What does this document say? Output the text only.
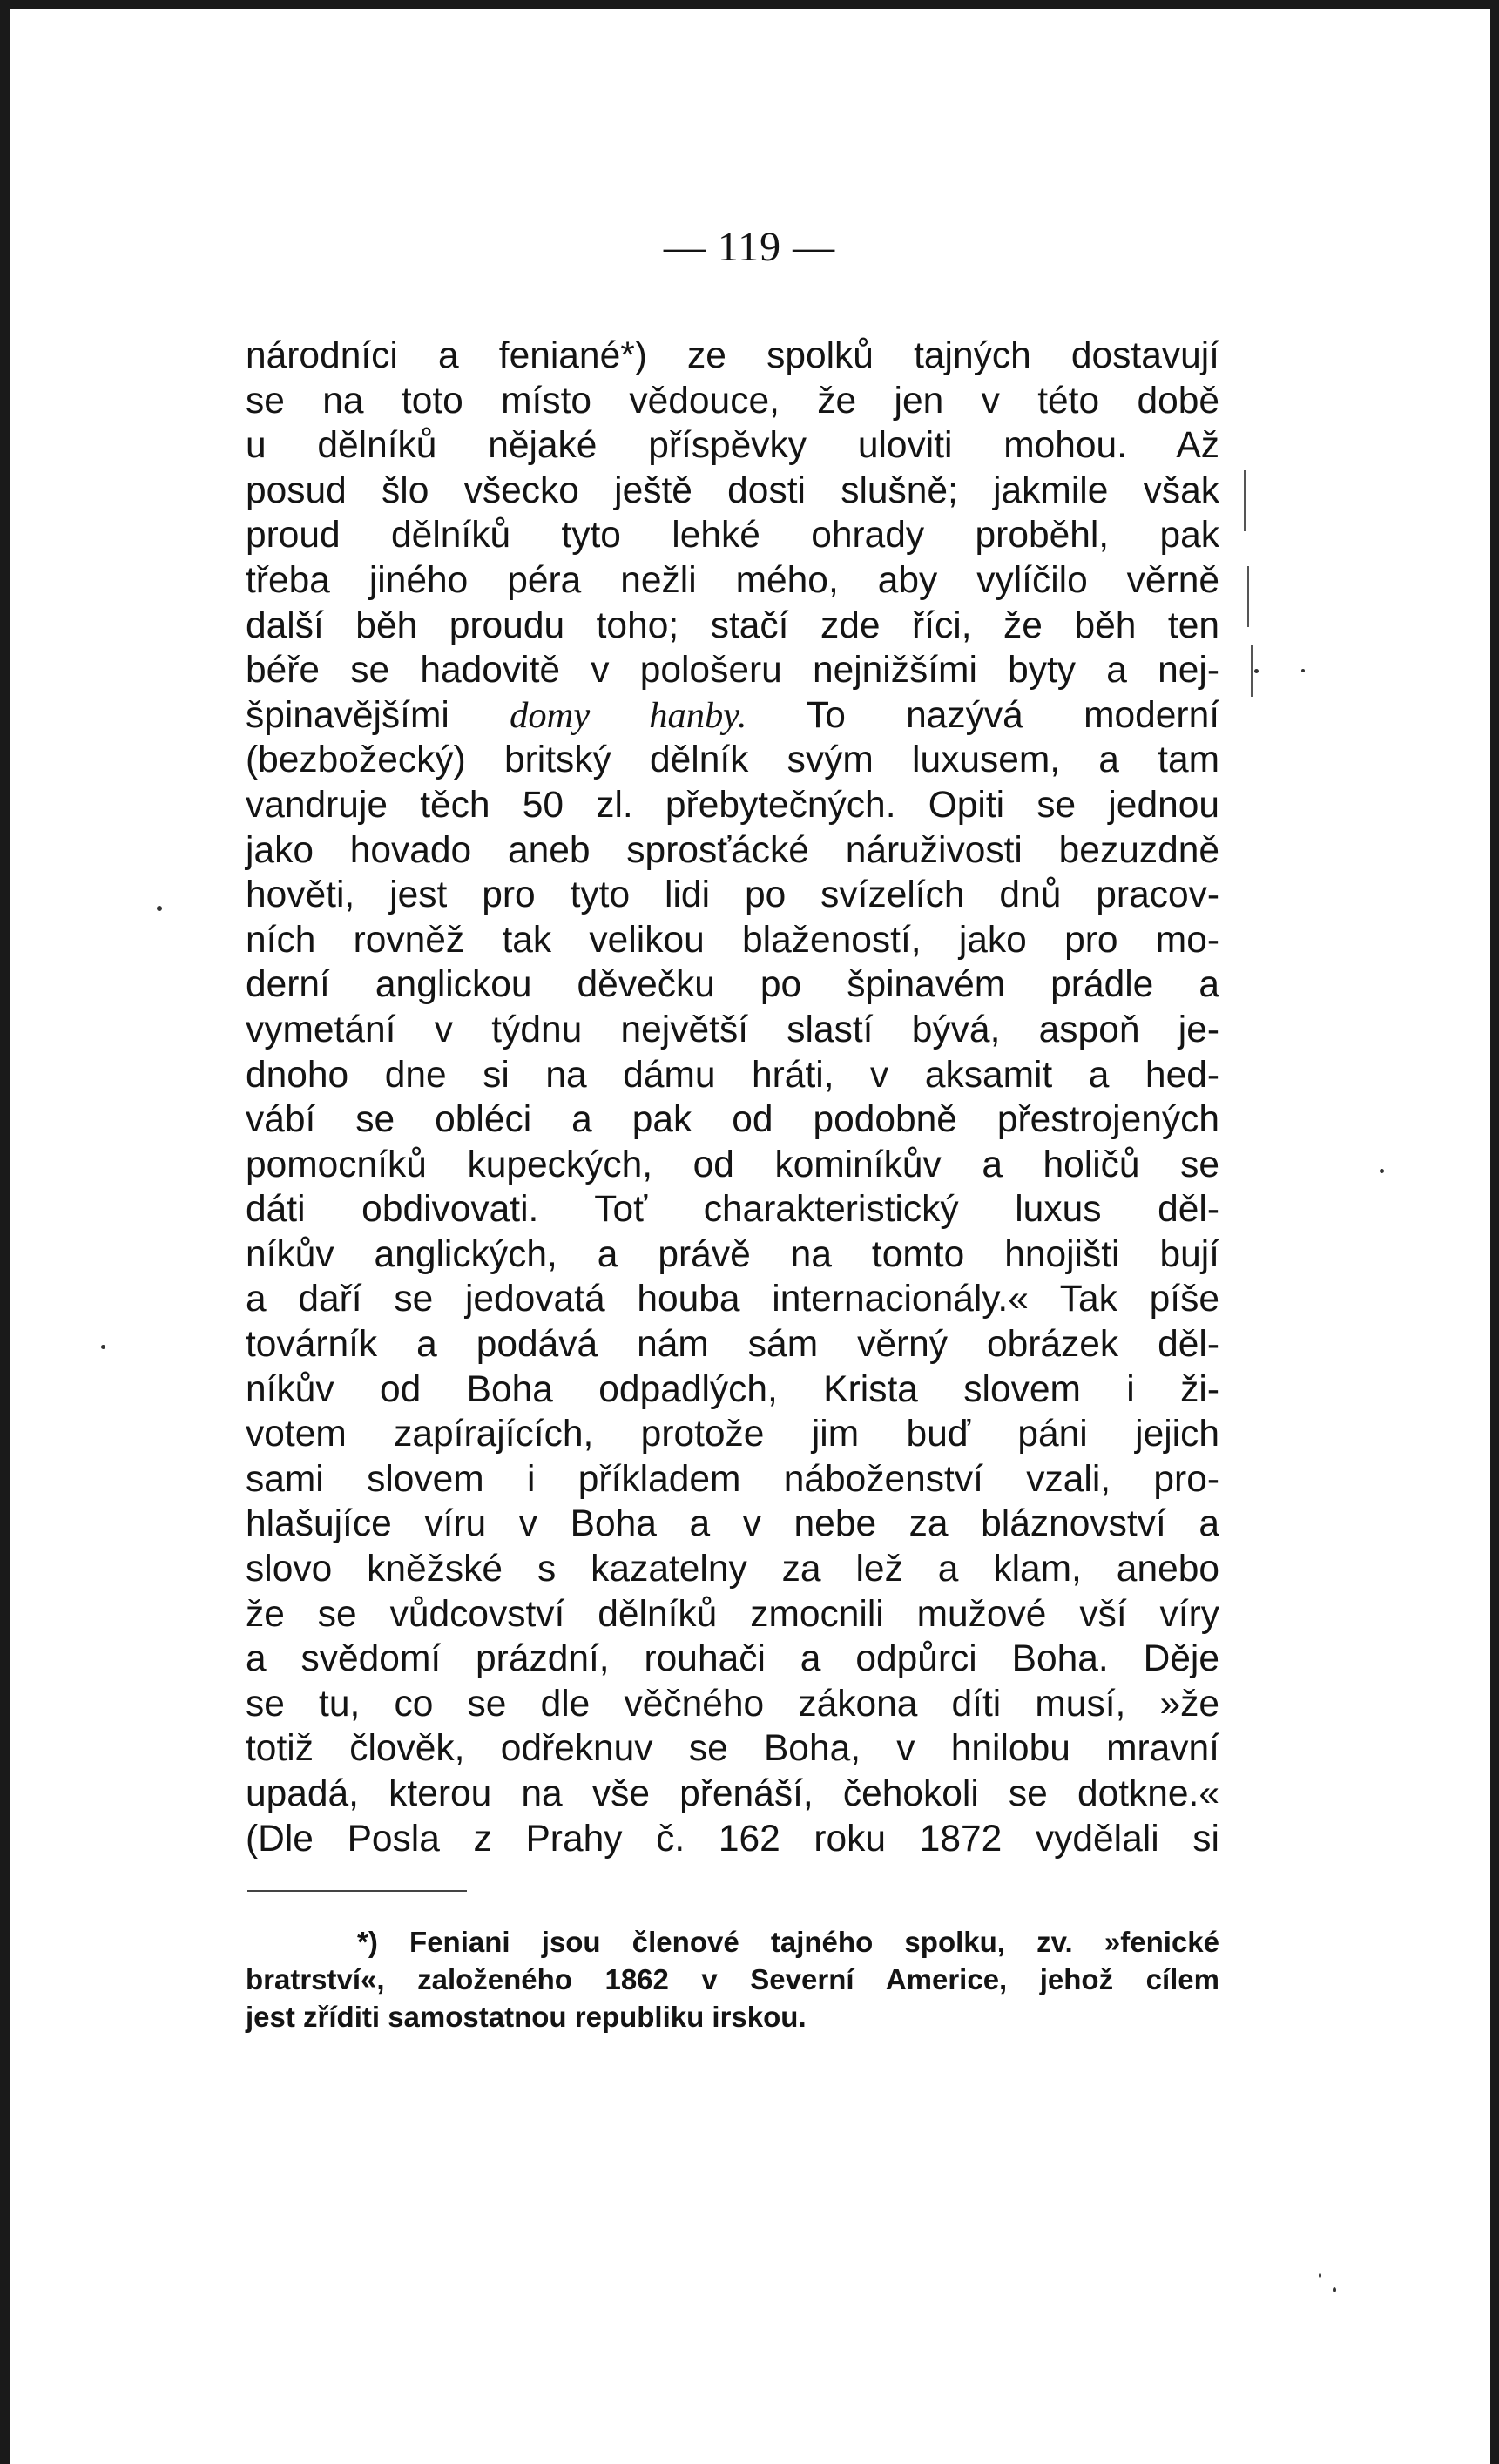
— 119 —
národníci a feniané*) ze spolků tajných dostavují
se na toto místo vědouce, že jen v této době
u dělníků nějaké příspěvky uloviti mohou. Až
posud šlo všecko ještě dosti slušně; jakmile však
proud dělníků tyto lehké ohrady proběhl, pak
třeba jiného péra nežli mého, aby vylíčilo věrně
další běh proudu toho; stačí zde říci, že běh ten
béře se hadovitě v pološeru nejnižšími byty a nej-
špinavějšími domy hanby. To nazývá moderní
(bezbožecký) britský dělník svým luxusem, a tam
vandruje těch 50 zl. přebytečných. Opiti se jednou
jako hovado aneb sprosťácké náruživosti bezuzdně
hověti, jest pro tyto lidi po svízelích dnů pracov-
ních rovněž tak velikou blažeností, jako pro mo-
derní anglickou děvečku po špinavém prádle a
vymetání v týdnu největší slastí bývá, aspoň je-
dnoho dne si na dámu hráti, v aksamit a hed-
vábí se obléci a pak od podobně přestrojených
pomocníků kupeckých, od kominíkův a holičů se
dáti obdivovati. Toť charakteristický luxus děl-
níkův anglických, a právě na tomto hnojišti bují
a daří se jedovatá houba internacionály.« Tak píše
továrník a podává nám sám věrný obrázek děl-
níkův od Boha odpadlých, Krista slovem i ži-
votem zapírajících, protože jim buď páni jejich
sami slovem i příkladem náboženství vzali, pro-
hlašujíce víru v Boha a v nebe za bláznovství a
slovo kněžské s kazatelny za lež a klam, anebo
že se vůdcovství dělníků zmocnili mužové vší víry
a svědomí prázdní, rouhači a odpůrci Boha. Děje
se tu, co se dle věčného zákona díti musí, »že
totiž člověk, odřeknuv se Boha, v hnilobu mravní
upadá, kterou na vše přenáší, čehokoli se dotkne.«
(Dle Posla z Prahy č. 162 roku 1872 vydělali si
*) Feniani jsou členové tajného spolku, zv. »fenické
bratrství«, založeného 1862 v Severní Americe, jehož cílem
jest zříditi samostatnou republiku irskou.
